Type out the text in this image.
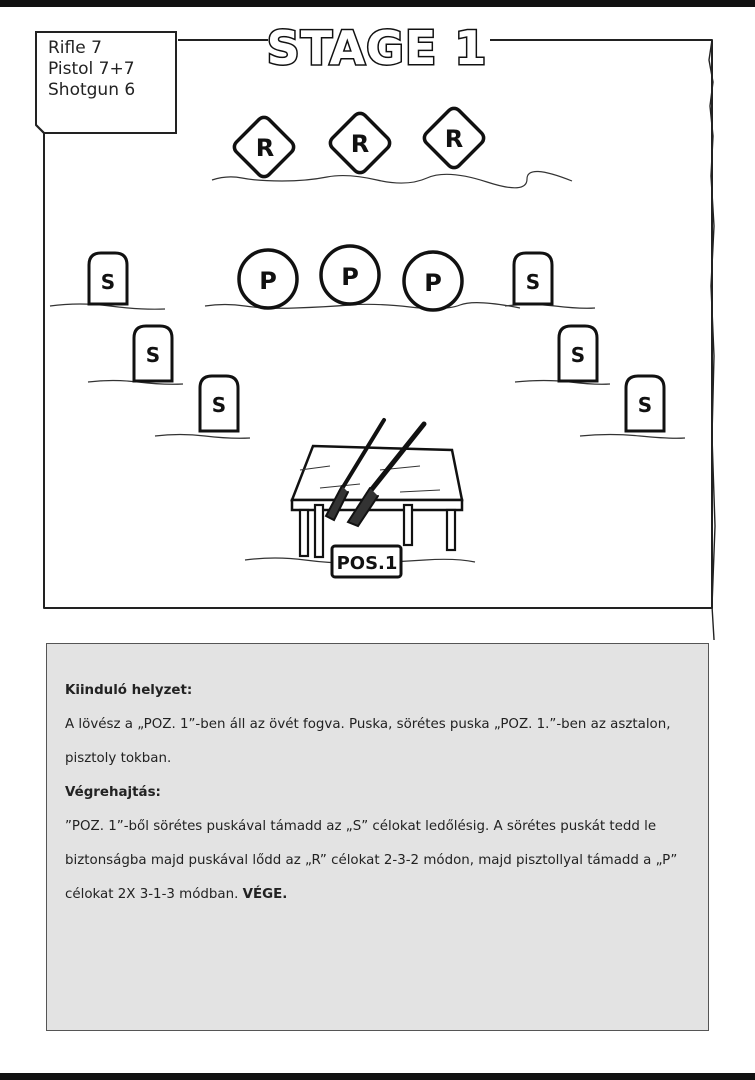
STAGE 1
R	R	R
P	P	P
S
S
S
S
S
S
POS.1
Rifle 7
Pistol 7+7
Shotgun 6

Kiinduló helyzet:

A lövész a „POZ. 1”-ben áll az övét fogva. Puska, sörétes puska „POZ. 1.”-ben az asztalon, pisztoly tokban.

Végrehajtás:

”POZ. 1”-ből sörétes puskával támadd az „S” célokat ledőlésig. A sörétes puskát tedd le biztonságba majd puskával lődd az „R” célokat 2-3-2 módon, majd pisztollyal támadd a „P” célokat 2X 3-1-3 módban. VÉGE.
